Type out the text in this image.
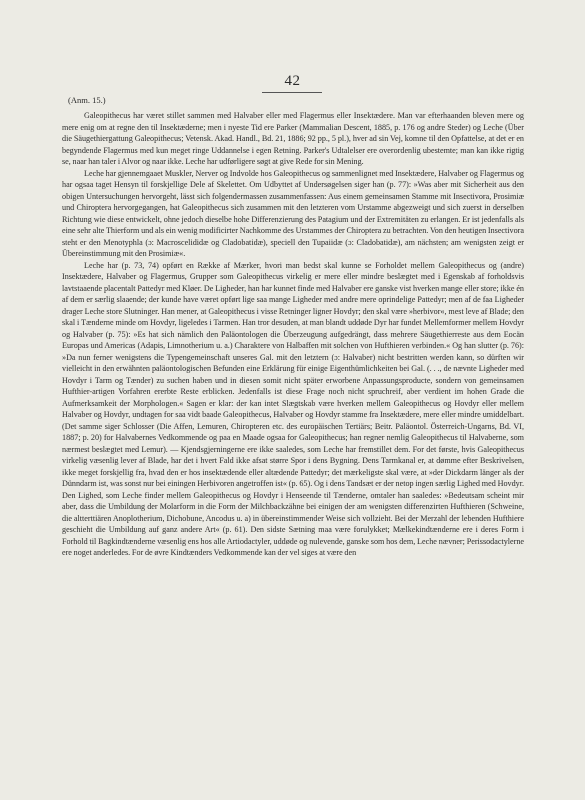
42
(Anm. 15.)

Galeopithecus har været stillet sammen med Halvaber eller med Flagermus eller Insektædere. Man var efterhaanden bleven mere og mere enig om at regne den til Insektæderne; men i nyeste Tid ere Parker (Mammalian Descent, 1885, p. 176 og andre Steder) og Leche (Über die Säugethiergattung Galeopithecus; Vetensk. Akad. Handl., Bd. 21, 1886; 92 pp., 5 pl.), hver ad sin Vej, komne til den Opfattelse, at det er en begyndende Flagermus med kun meget ringe Uddannelse i egen Retning. Parker's Udtalelser ere overordenlig ubestemte; man kan ikke rigtig se, naar han taler i Alvor og naar ikke. Leche har udførligere søgt at give Rede for sin Mening.

Leche har gjennemgaaet Muskler, Nerver og Indvolde hos Galeopithecus og sammenlignet med Insektædere, Halvaber og Flagermus og har ogsaa taget Hensyn til forskjellige Dele af Skelettet. Om Udbyttet af Undersøgelsen siger han (p. 77): »Was aber mit Sicherheit aus den obigen Untersuchungen hervorgeht, lässt sich folgendermassen zusammenfassen: Aus einem gemeinsamen Stamme mit Insectivora, Prosimiæ und Chiroptera hervorgegangen, hat Galeopithecus sich zusammen mit den letzteren vom Urstamme abgezweigt und sich zuerst in derselben Richtung wie diese entwickelt, ohne jedoch dieselbe hohe Differenzierung des Patagium und der Extremitäten zu erlangen. Er ist jedenfalls als eine sehr alte Thierform und als ein wenig modificirter Nachkomme des Urstammes der Chiroptera zu betrachten. Von den heutigen Insectivora steht er den Menotyphla (ɔ: Macroscelididæ og Cladobatidæ), speciell den Tupaiidæ (ɔ: Cladobatidæ), am nächsten; am wenigsten zeigt er Übereinstimmung mit den Prosimiæ«.

Leche har (p. 73, 74) opført en Række af Mærker, hvori man bedst skal kunne se Forholdet mellem Galeopithecus og (andre) Insektædere, Halvaber og Flagermus, Grupper som Galeopithecus virkelig er mere eller mindre beslægtet med i Egenskab af forholdsvis lavtstaaende placentalt Pattedyr med Kløer. De Ligheder, han har kunnet finde med Halvaber ere ganske vist hverken mange eller store; ikke én af dem er særlig slaaende; der kunde have været opført lige saa mange Ligheder med andre mere oprindelige Pattedyr; men af de faa Ligheder drager Leche store Slutninger. Han mener, at Galeopithecus i visse Retninger ligner Hovdyr; den skal være »herbivor«, mest leve af Blade; den skal i Tænderne minde om Hovdyr, ligeledes i Tarmen. Han tror desuden, at man blandt uddøde Dyr har fundet Mellemformer mellem Hovdyr og Halvaber (p. 75): »Es hat sich nämlich den Paläontologen die Überzeugung aufgedrängt, dass mehrere Säugethierreste aus dem Eocän Europas und Americas (Adapis, Limnotherium u. a.) Charaktere von Halbaffen mit solchen von Hufthieren verbinden.« Og han slutter (p. 76): »Da nun ferner wenigstens die Typengemeinschaft unseres Gal. mit den letztern (ɔ: Halvaber) nicht bestritten werden kann, so dürften wir vielleicht in den erwähnten paläontologischen Befunden eine Erklärung für einige Eigenthümlichkeiten bei Gal. (. . ., de nævnte Ligheder med Hovdyr i Tarm og Tænder) zu suchen haben und in diesen somit nicht später erworbene Anpassungsproducte, sondern von gemeinsamen Hufthier-artigen Vorfahren ererbte Reste erblicken. Jedenfalls ist diese Frage noch nicht spruchreif, aber verdient im hohen Grade die Aufmerksamkeit der Morphologen.« Sagen er klar: der kan intet Slægtskab være hverken mellem Galeopithecus og Hovdyr eller mellem Halvaber og Hovdyr, undtagen for saa vidt baade Galeopithecus, Halvaber og Hovdyr stamme fra Insektædere, mere eller mindre umiddelbart. (Det samme siger Schlosser (Die Affen, Lemuren, Chiropteren etc. des europäischen Tertiärs; Beitr. Paläontol. Österreich-Ungarns, Bd. VI, 1887; p. 20) for Halvabernes Vedkommende og paa en Maade ogsaa for Galeopithecus; han regner nemlig Galeopithecus til Halvaberne, som nærmest beslægtet med Lemur). — Kjendsgjerningerne ere ikke saaledes, som Leche har fremstillet dem. For det første, hvis Galeopithecus virkelig væsenlig lever af Blade, har det i hvert Fald ikke afsat større Spor i dens Bygning. Dens Tarmkanal er, at dømme efter Beskrivelsen, ikke meget forskjellig fra, hvad den er hos insektædende eller altædende Pattedyr; det mærkeligste skal være, at »der Dickdarm länger als der Dünndarm ist, was sonst nur bei einingen Herbivoren angetroffen ist« (p. 65). Og i dens Tandsæt er der netop ingen særlig Lighed med Hovdyr. Den Lighed, som Leche finder mellem Galeopithecus og Hovdyr i Henseende til Tænderne, omtaler han saaledes: »Bedeutsam scheint mir aber, dass die Umbildung der Molarform in die Form der Milchbackzähne bei einigen der am wenigsten differenzirten Hufthieren (Schweine, die altterttiären Anoplotherium, Dichobune, Ancodus u. a) in übereinstimmender Weise sich vollzieht. Bei der Merzahl der lebenden Hufthiere geschieht die Umbildung auf ganz andere Art« (p. 61). Den sidste Sætning maa være forulykket; Mælkekindtænderne ere i deres Form i Forhold til Bagkindtænderne væsenlig ens hos alle Artiodactyler, uddøde og nulevende, ganske som hos dem, Leche nævner; Perissodactylerne ere noget anderledes. For de øvre Kindtænders Vedkommende kan der vel siges at være den
